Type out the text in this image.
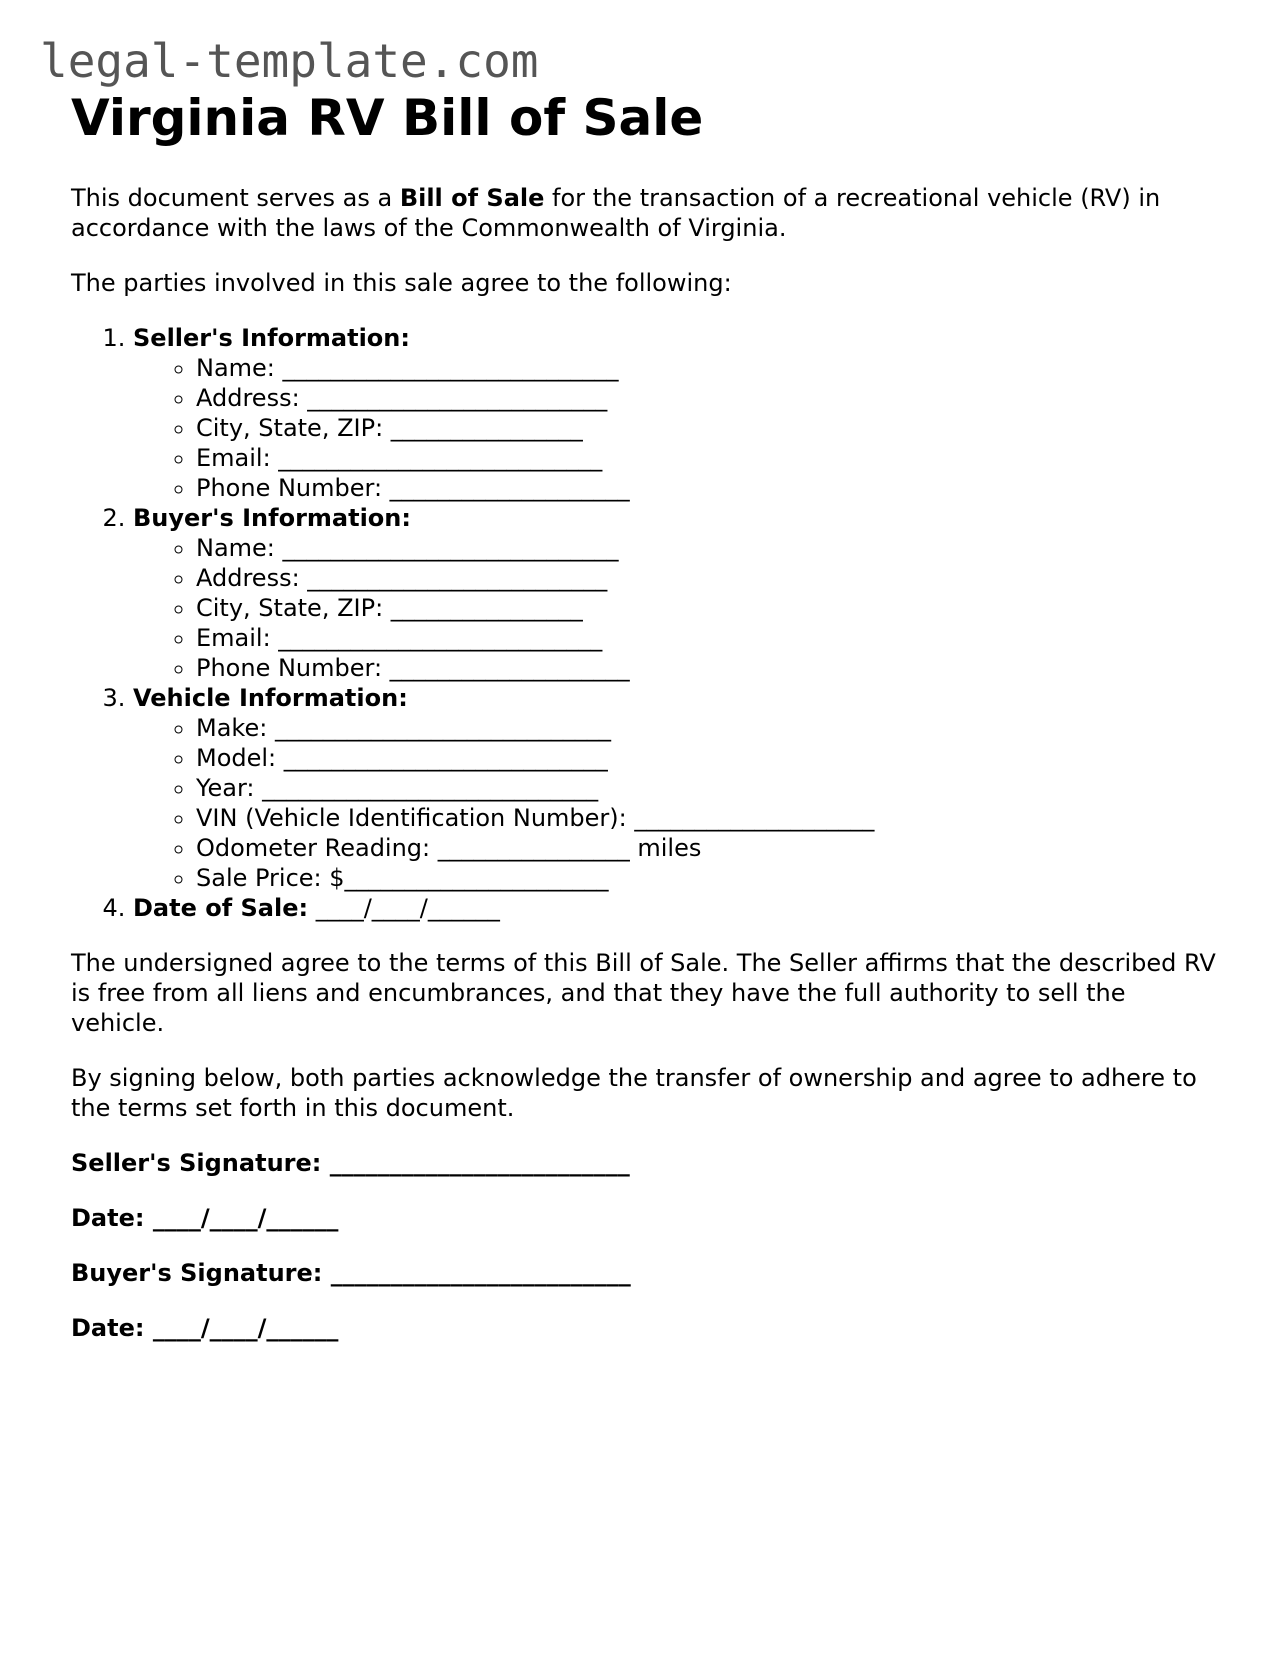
legal-template.com
Virginia RV Bill of Sale

This document serves as a Bill of Sale for the transaction of a recreational vehicle (RV) in accordance with the laws of the Commonwealth of Virginia.

The parties involved in this sale agree to the following:

1. Seller's Information:
◦ Name: ____________________________
◦ Address: _________________________
◦ City, State, ZIP: ________________
◦ Email: ___________________________
◦ Phone Number: ____________________
2. Buyer's Information:
◦ Name: ____________________________
◦ Address: _________________________
◦ City, State, ZIP: ________________
◦ Email: ___________________________
◦ Phone Number: ____________________
3. Vehicle Information:
◦ Make: ____________________________
◦ Model: ___________________________
◦ Year: ____________________________
◦ VIN (Vehicle Identification Number): ____________________
◦ Odometer Reading: ________________ miles
◦ Sale Price: $______________________
4. Date of Sale: ____/____/______

The undersigned agree to the terms of this Bill of Sale. The Seller affirms that the described RV is free from all liens and encumbrances, and that they have the full authority to sell the vehicle.

By signing below, both parties acknowledge the transfer of ownership and agree to adhere to the terms set forth in this document.

Seller's Signature: _________________________
Date: ____/____/______
Buyer's Signature: _________________________
Date: ____/____/______
